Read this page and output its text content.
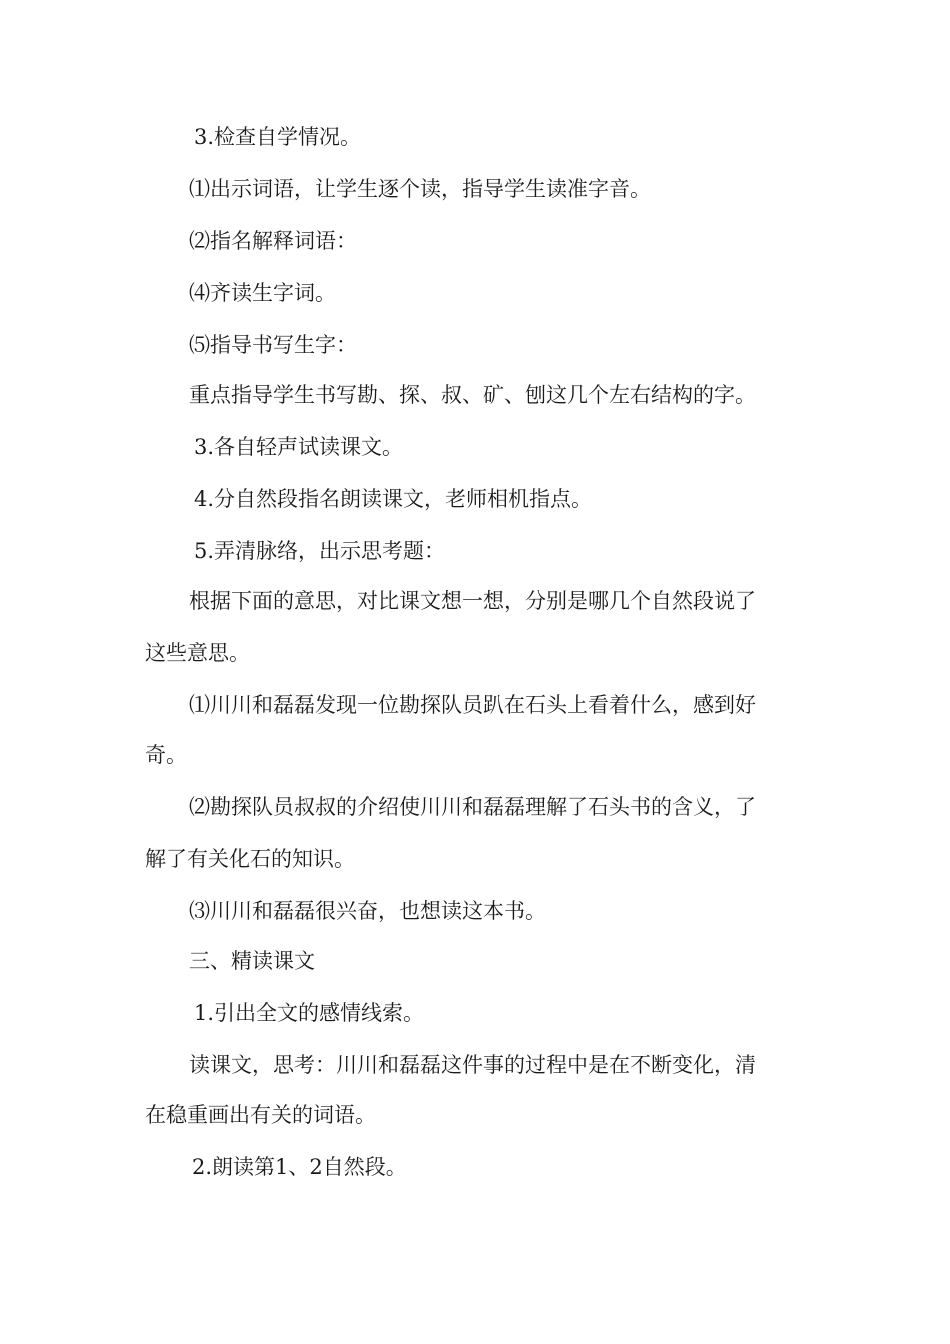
3.检查自学情况。
⑴出示词语，让学生逐个读，指导学生读准字音。
⑵指名解释词语：
⑷齐读生字词。
⑸指导书写生字：
重点指导学生书写勘、探、叔、矿、刨这几个左右结构的字。
3.各自轻声试读课文。
4.分自然段指名朗读课文，老师相机指点。
5.弄清脉络，出示思考题：
根据下面的意思，对比课文想一想，分别是哪几个自然段说了
这些意思。
⑴川川和磊磊发现一位勘探队员趴在石头上看着什么，感到好
奇。
⑵勘探队员叔叔的介绍使川川和磊磊理解了石头书的含义，了
解了有关化石的知识。
⑶川川和磊磊很兴奋，也想读这本书。
三、精读课文
1.引出全文的感情线索。
读课文，思考：川川和磊磊这件事的过程中是在不断变化，清
在稳重画出有关的词语。
2.朗读第1、2自然段。
